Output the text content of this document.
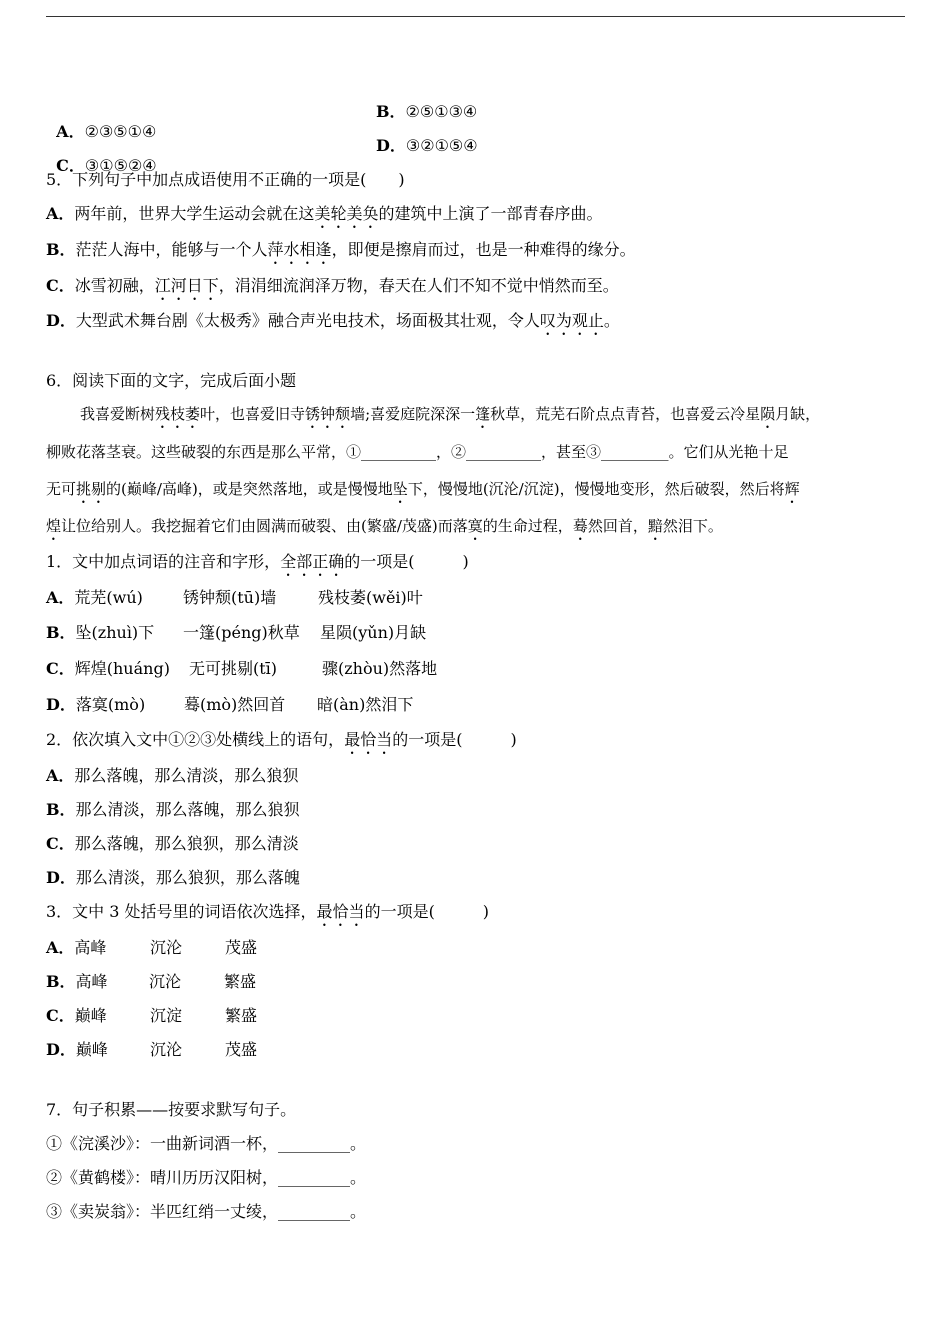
A．②③⑤①④

B．②⑤①③④

C．③①⑤②④

D．③②①⑤④

5．下列句子中加点成语使用不正确的一项是(　　)
A．两年前，世界大学生运动会就在这美轮美奂的建筑中上演了一部青春序曲。
B．茫茫人海中，能够与一个人萍水相逢，即便是擦肩而过，也是一种难得的缘分。
C．冰雪初融，江河日下，涓涓细流润泽万物，春天在人们不知不觉中悄然而至。
D．大型武术舞台剧《太极秀》融合声光电技术，场面极其壮观，令人叹为观止。
6．阅读下面的文字，完成后面小题
我喜爱断树残枝萎叶，也喜爱旧寺锈钟颓墙;喜爱庭院深深一篷秋草，荒芜石阶点点青苔，也喜爱云冷星陨月缺，
柳败花落茎衰。这些破裂的东西是那么平常，①__________，②__________，甚至③_________。它们从光艳十足
无可挑剔的(巅峰/高峰)，或是突然落地，或是慢慢地坠下，慢慢地(沉沦/沉淀)，慢慢地变形，然后破裂，然后将辉
煌让位给别人。我挖掘着它们由圆满而破裂、由(繁盛/茂盛)而落寞的生命过程，蓦然回首，黯然泪下。
1．文中加点词语的注音和字形，全部正确的一项是(　　　)
A．荒芜(wú)	锈钟颓(tū)墙	残枝萎(wěi)叶
B．坠(zhuì)下 一篷(péng)秋草 星陨(yǔn)月缺
C．辉煌(huáng) 无可挑剔(tī)	骤(zhòu)然落地
D．落寞(mò) 蓦(mò)然回首 暗(àn)然泪下
2．依次填入文中①②③处横线上的语句，最恰当的一项是(　　　)
A．那么落魄，那么清淡，那么狼狈
B．那么清淡，那么落魄，那么狼狈
C．那么落魄，那么狼狈，那么清淡
D．那么清淡，那么狼狈，那么落魄
3．文中 3 处括号里的词语依次选择，最恰当的一项是(　　　)
A．高峰	沉沦	茂盛
B．高峰	沉沦	繁盛
C．巅峰	沉淀	繁盛
D．巅峰	沉沦	茂盛
7．句子积累——按要求默写句子。
①《浣溪沙》：一曲新词酒一杯，_________。
②《黄鹤楼》：晴川历历汉阳树，_________。
③《卖炭翁》：半匹红绡一丈绫，_________。
